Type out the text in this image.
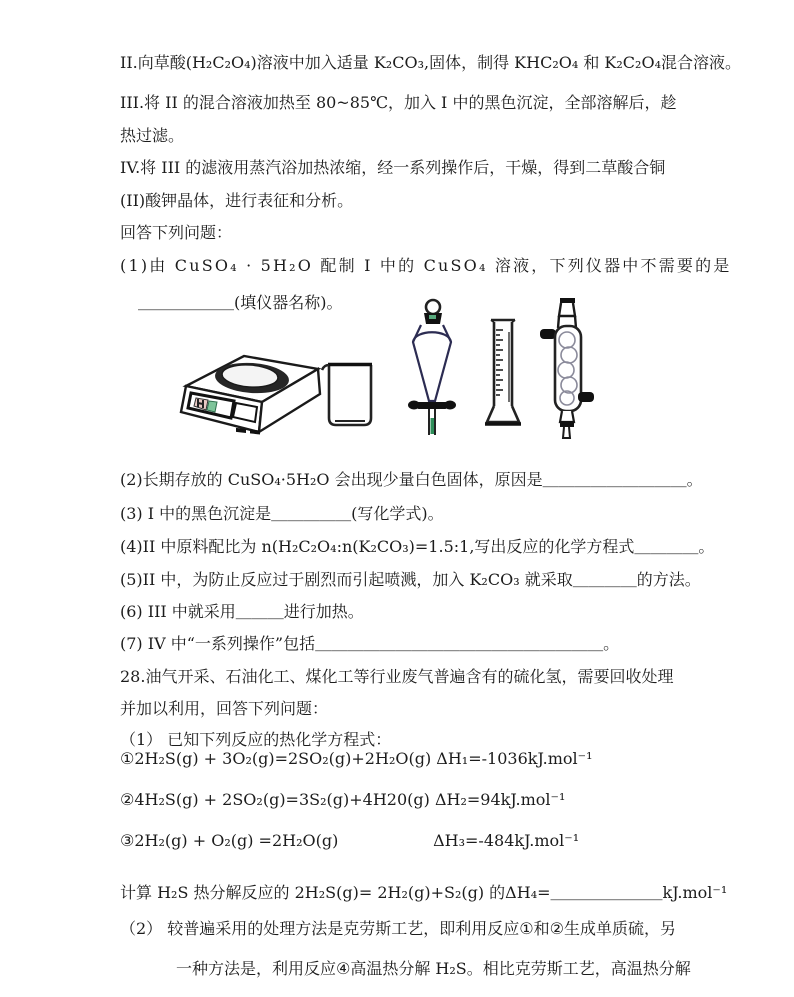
II.向草酸(H₂C₂O₄)溶液中加入适量 K₂CO₃,固体，制得 KHC₂O₄ 和 K₂C₂O₄混合溶液。

III.将 II 的混合溶液加热至 80~85℃，加入 I 中的黑色沉淀，全部溶解后，趁

热过滤。

IV.将 III 的滤液用蒸汽浴加热浓缩，经一系列操作后，干燥，得到二草酸合铜

(II)酸钾晶体，进行表征和分析。

回答下列问题：

(1)由 CuSO₄ · 5H₂O 配制 I 中的 CuSO₄ 溶液，下列仪器中不需要的是

＿＿＿＿＿＿(填仪器名称)。

(2)长期存放的 CuSO₄·5H₂O 会出现少量白色固体，原因是＿＿＿＿＿＿＿＿＿。

(3) I 中的黑色沉淀是＿＿＿＿＿(写化学式)。

(4)II 中原料配比为 n(H₂C₂O₄:n(K₂CO₃)=1.5:1,写出反应的化学方程式＿＿＿＿。

(5)II 中，为防止反应过于剧烈而引起喷溅，加入 K₂CO₃ 就采取＿＿＿＿的方法。

(6) III 中就采用＿＿＿进行加热。

(7) IV 中“一系列操作”包括＿＿＿＿＿＿＿＿＿＿＿＿＿＿＿＿＿＿。

28.油气开采、石油化工、煤化工等行业废气普遍含有的硫化氢，需要回收处理

并加以利用，回答下列问题：

（1） 已知下列反应的热化学方程式：

①2H₂S(g) + 3O₂(g)=2SO₂(g)+2H₂O(g) ΔH₁=-1036kJ.mol⁻¹
②4H₂S(g) + 2SO₂(g)=3S₂(g)+4H20(g) ΔH₂=94kJ.mol⁻¹
③2H₂(g) + O₂(g) =2H₂O(g)	ΔH₃=-484kJ.mol⁻¹

计算 H₂S 热分解反应的 2H₂S(g)= 2H₂(g)+S₂(g) 的ΔH₄=＿＿＿＿＿＿＿kJ.mol⁻¹

（2） 较普遍采用的处理方法是克劳斯工艺，即利用反应①和②生成单质硫，另

一种方法是，利用反应④高温热分解 H₂S。相比克劳斯工艺，高温热分解
